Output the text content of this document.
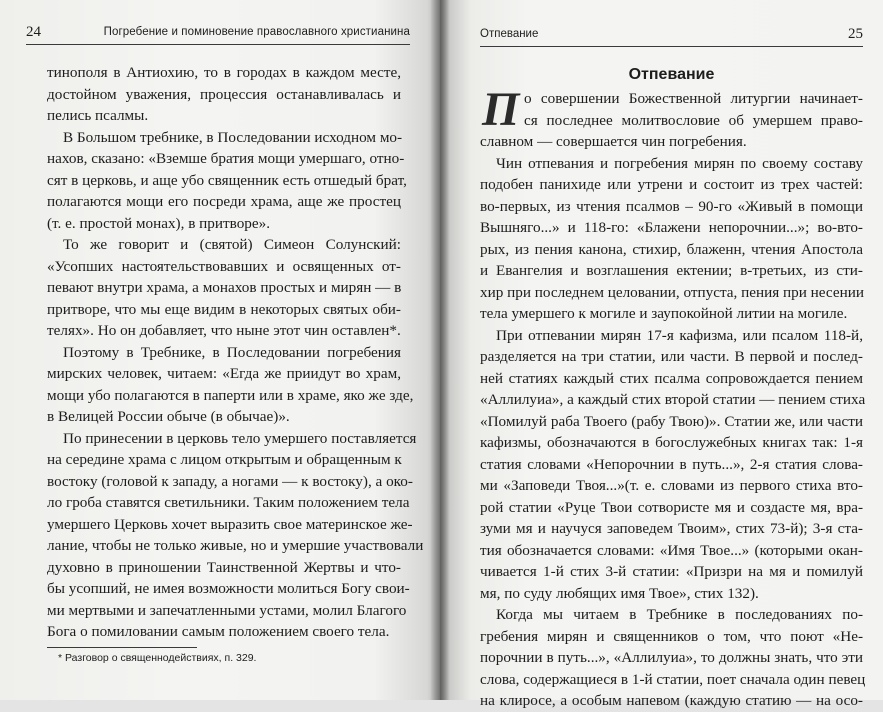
24	Погребение и поминовение православного христианина
тинополя в Антиохию, то в городах в каждом месте,
достойном уважения, процессия останавливалась и
пелись псалмы.
В Большом требнике, в Последовании исходном мо-
нахов, сказано: «Вземше братия мощи умершаго, отно-
сят в церковь, и аще убо священник есть отшедый брат,
полагаются мощи его посреди храма, аще же простец
(т. е. простой монах), в притворе».
То же говорит и (святой) Симеон Солунский:
«Усопших настоятельствовавших и освященных от-
певают внутри храма, а монахов простых и мирян — в
притворе, что мы еще видим в некоторых святых оби-
телях». Но он добавляет, что ныне этот чин оставлен*.
Поэтому в Требнике, в Последовании погребения
мирских человек, читаем: «Егда же приидут во храм,
мощи убо полагаются в паперти или в храме, яко же зде,
в Велицей России обыче (в обычае)».
По принесении в церковь тело умершего поставляется
на середине храма с лицом открытым и обращенным к
востоку (головой к западу, а ногами — к востоку), а око-
ло гроба ставятся светильники. Таким положением тела
умершего Церковь хочет выразить свое материнское же-
лание, чтобы не только живые, но и умершие участвовали
духовно в приношении Таинственной Жертвы и что-
бы усопший, не имея возможности молиться Богу свои-
ми мертвыми и запечатленными устами, молил Благого
Бога о помиловании самым положением своего тела.
* Разговор о священнодействиях, п. 329.
Отпевание	25
Отпевание
П о совершении Божественной литургии начинает-
ся последнее молитвословие об умершем право-
славном — совершается чин погребения.
Чин отпевания и погребения мирян по своему составу
подобен панихиде или утрени и состоит из трех частей:
во-первых, из чтения псалмов – 90-го «Живый в помощи
Вышняго...» и 118-го: «Блажени непорочнии...»; во-вто-
рых, из пения канона, стихир, блаженн, чтения Апостола
и Евангелия и возглашения ектении; в-третьих, из сти-
хир при последнем целовании, отпуста, пения при несении
тела умершего к могиле и заупокойной литии на могиле.
При отпевании мирян 17-я кафизма, или псалом 118-й,
разделяется на три статии, или части. В первой и послед-
ней статиях каждый стих псалма сопровождается пением
«Аллилуиа», а каждый стих второй статии — пением стиха
«Помилуй раба Твоего (рабу Твою)». Статии же, или части
кафизмы, обозначаются в богослужебных книгах так: 1-я
статия словами «Непорочнии в путь...», 2-я статия слова-
ми «Заповеди Твоя...»(т. е. словами из первого стиха вто-
рой статии «Руце Твои сотвористе мя и создасте мя, вра-
зуми мя и научуся заповедем Твоим», стих 73-й); 3-я ста-
тия обозначается словами: «Имя Твое...» (которыми окан-
чивается 1-й стих 3-й статии: «Призри на мя и помилуй
мя, по суду любящих имя Твое», стих 132).
Когда мы читаем в Требнике в последованиях по-
гребения мирян и священников о том, что поют «Не-
порочнии в путь...», «Аллилуиа», то должны знать, что эти
слова, содержащиеся в 1-й статии, поет сначала один певец
на клиросе, а особым напевом (каждую статию — на осо-
